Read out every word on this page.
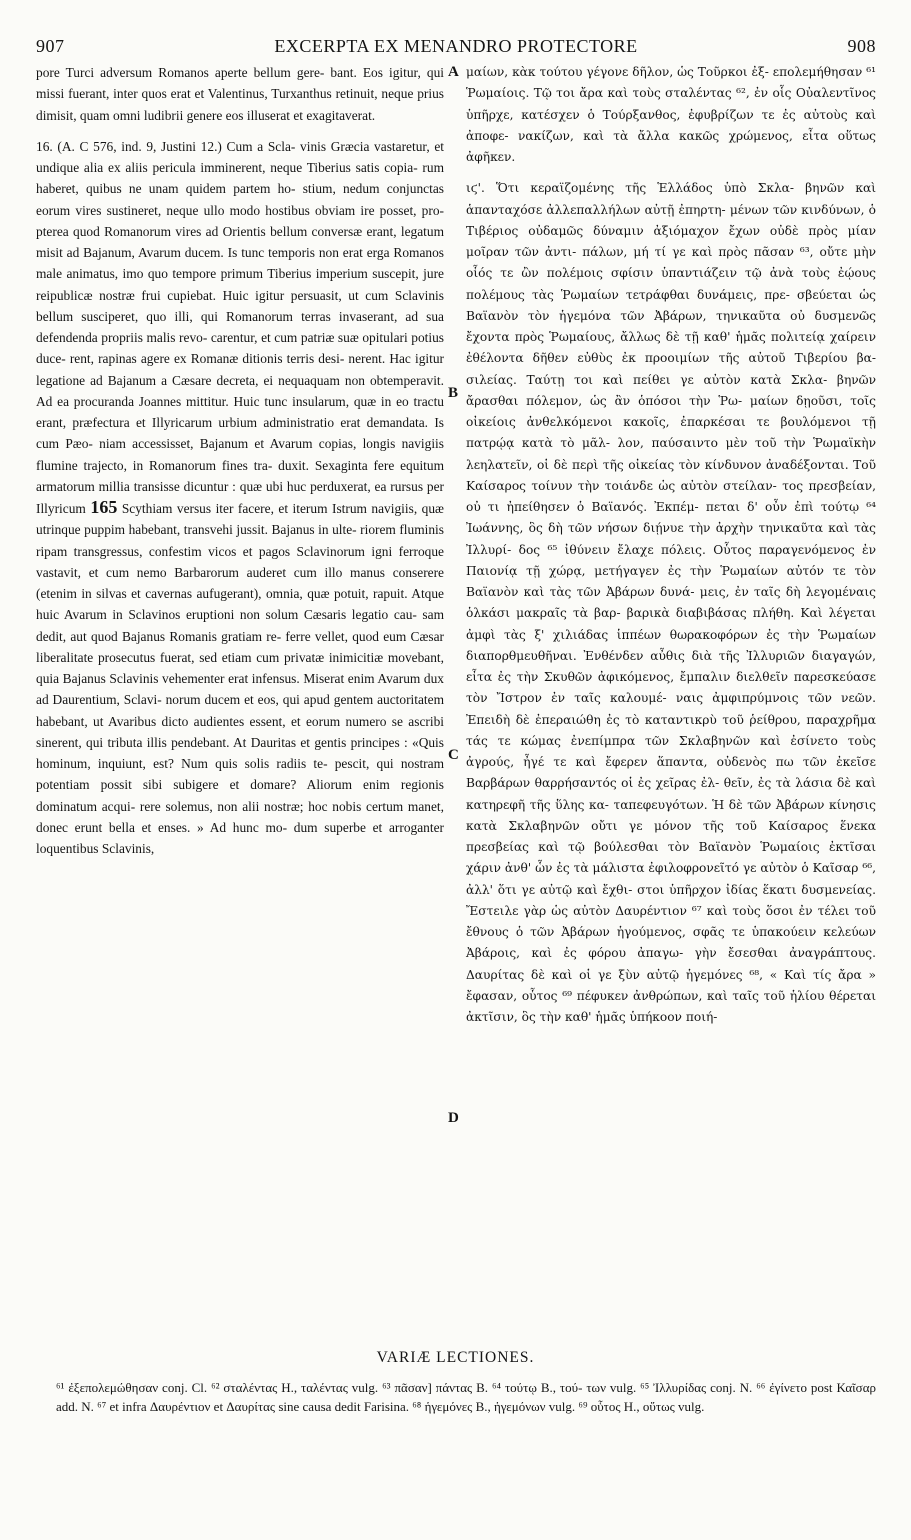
907	EXCERPTA EX MENANDRO PROTECTORE	908

pore Turci adversum Romanos aperte bellum gere- bant. Eos igitur, qui missi fuerant, inter quos erat et Valentinus, Turxanthus retinuit, neque prius dimisit, quam omni ludibrii genere eos illuserat et exagitaverat.

16. (A. C 576, ind. 9, Justini 12.) Cum a Scla- vinis Græcia vastaretur, et undique alia ex aliis pericula imminerent, neque Tiberius satis copia- rum haberet, quibus ne unam quidem partem ho- stium, nedum conjunctas eorum vires sustineret, neque ullo modo hostibus obviam ire posset, pro- pterea quod Romanorum vires ad Orientis bellum conversæ erant, legatum misit ad Bajanum, Avarum ducem. Is tunc temporis non erat erga Romanos male animatus, imo quo tempore primum Tiberius imperium suscepit, jure reipublicæ nostræ frui cupiebat. Huic igitur persuasit, ut cum Sclavinis bellum susciperet, quo illi, qui Romanorum terras invaserant, ad sua defendenda propriis malis revo- carentur, et cum patriæ suæ opitulari potius duce- rent, rapinas agere ex Romanæ ditionis terris desi- nerent. Hac igitur legatione ad Bajanum a Cæsare decreta, ei nequaquam non obtemperavit. Ad ea procuranda Joannes mittitur. Huic tunc insularum, quæ in eo tractu erant, præfectura et Illyricarum urbium administratio erat demandata. Is cum Pæo- niam accessisset, Bajanum et Avarum copias, longis navigiis flumine trajecto, in Romanorum fines tra- duxit. Sexaginta fere equitum armatorum millia transisse dicuntur : quæ ubi huc perduxerat, ea rursus per Illyricum 165 Scythiam versus iter facere, et iterum Istrum navigiis, quæ utrinque puppim habebant, transvehi jussit. Bajanus in ulte- riorem fluminis ripam transgressus, confestim vicos et pagos Sclavinorum igni ferroque vastavit, et cum nemo Barbarorum auderet cum illo manus conserere (etenim in silvas et cavernas aufugerant), omnia, quæ potuit, rapuit. Atque huic Avarum in Sclavinos eruptioni non solum Cæsaris legatio cau- sam dedit, aut quod Bajanus Romanis gratiam re- ferre vellet, quod eum Cæsar liberalitate prosecutus fuerat, sed etiam cum privatæ inimicitiæ movebant, quia Bajanus Sclavinis vehementer erat infensus. Miserat enim Avarum dux ad Daurentium, Sclavi- norum ducem et eos, qui apud gentem auctoritatem habebant, ut Avaribus dicto audientes essent, et eorum numero se ascribi sinerent, qui tributa illis pendebant. At Dauritas et gentis principes : «Quis hominum, inquiunt, est? Num quis solis radiis te- pescit, qui nostram potentiam possit sibi subigere et domare? Aliorum enim regionis dominatum acqui- rere solemus, non alii nostræ; hoc nobis certum manet, donec erunt bella et enses. » Ad hunc mo- dum superbe et arroganter loquentibus Sclavinis,

A
B
C
D

μαίων, κὰκ τούτου γέγονε δῆλον, ὡς Τοῦρκοι ἐξ- επολεμήθησαν ⁶¹ Ῥωμαίοις. Τῷ τοι ἄρα καὶ τοὺς σταλέντας ⁶², ἐν οἷς Οὐαλεντῖνος ὑπῆρχε, κατέσχεν ὁ Τούρξανθος, ἐφυβρίζων τε ἐς αὐτοὺς καὶ ἀποφε- νακίζων, καὶ τὰ ἄλλα κακῶς χρώμενος, εἶτα οὕτως ἀφῆκεν.

ιϛ'. Ὅτι κεραϊζομένης τῆς Ἑλλάδος ὑπὸ Σκλα- βηνῶν καὶ ἁπανταχόσε ἀλλεπαλλήλων αὐτῇ ἐπηρτη- μένων τῶν κινδύνων, ὁ Τιβέριος οὐδαμῶς δύναμιν ἀξιόμαχον ἔχων οὐδὲ πρὸς μίαν μοῖραν τῶν ἀντι- πάλων, μή τί γε καὶ πρὸς πᾶσαν ⁶³, οὔτε μὴν οἷός τε ὢν πολέμοις σφίσιν ὑπαντιάζειν τῷ ἀνὰ τοὺς ἐῴους πολέμους τὰς Ῥωμαίων τετράφθαι δυνάμεις, πρε- σβεύεται ὡς Βαϊανὸν τὸν ἡγεμόνα τῶν Ἀβάρων, τηνικαῦτα οὐ δυσμενῶς ἔχοντα πρὸς Ῥωμαίους, ἄλλως δὲ τῇ καθ' ἡμᾶς πολιτείᾳ χαίρειν ἐθέλοντα δῆθεν εὐθὺς ἐκ προοιμίων τῆς αὐτοῦ Τιβερίου βα- σιλείας. Ταύτῃ τοι καὶ πείθει γε αὐτὸν κατὰ Σκλα- βηνῶν ἄρασθαι πόλεμον, ὡς ἂν ὁπόσοι τὴν Ῥω- μαίων δῃοῦσι, τοῖς οἰκείοις ἀνθελκόμενοι κακοῖς, ἐπαρκέσαι τε βουλόμενοι τῇ πατρῴᾳ κατὰ τὸ μᾶλ- λον, παύσαιντο μὲν τοῦ τὴν Ῥωμαϊκὴν λεηλατεῖν, οἱ δὲ περὶ τῆς οἰκείας τὸν κίνδυνον ἀναδέξονται. Τοῦ Καίσαρος τοίνυν τὴν τοιάνδε ὡς αὐτὸν στείλαν- τος πρεσβείαν, οὐ τι ἠπείθησεν ὁ Βαϊανός. Ἐκπέμ- πεται δ' οὖν ἐπὶ τούτῳ ⁶⁴ Ἰωάννης, ὃς δὴ τῶν νήσων διῄνυε τὴν ἀρχὴν τηνικαῦτα καὶ τὰς Ἰλλυρί- δος ⁶⁵ ἰθύνειν ἔλαχε πόλεις. Οὗτος παραγενόμενος ἐν Παιονίᾳ τῇ χώρᾳ, μετήγαγεν ἐς τὴν Ῥωμαίων αὐτόν τε τὸν Βαϊανὸν καὶ τὰς τῶν Ἀβάρων δυνά- μεις, ἐν ταῖς δὴ λεγομέναις ὁλκάσι μακραῖς τὰ βαρ- βαρικὰ διαβιβάσας πλήθη. Καὶ λέγεται ἀμφὶ τὰς ξ' χιλιάδας ἱππέων θωρακοφόρων ἐς τὴν Ῥωμαίων διαπορθμευθῆναι. Ἐνθένδεν αὖθις διὰ τῆς Ἰλλυριῶν διαγαγών, εἶτα ἐς τὴν Σκυθῶν ἀφικόμενος, ἔμπαλιν διελθεῖν παρεσκεύασε τὸν Ἴστρον ἐν ταῖς καλουμέ- ναις ἀμφιπρύμνοις τῶν νεῶν. Ἐπειδὴ δὲ ἐπεραιώθη ἐς τὸ καταντικρὺ τοῦ ῥείθρου, παραχρῆμα τάς τε κώμας ἐνεπίμπρα τῶν Σκλαβηνῶν καὶ ἐσίνετο τοὺς ἀγρούς, ἦγέ τε καὶ ἔφερεν ἅπαντα, οὐδενὸς πω τῶν ἐκεῖσε Βαρβάρων θαρρήσαντός οἱ ἐς χεῖρας ἐλ- θεῖν, ἐς τὰ λάσια δὲ καὶ κατηρεφῆ τῆς ὕλης κα- ταπεφευγότων. Ἡ δὲ τῶν Ἀβάρων κίνησις κατὰ Σκλαβηνῶν οὔτι γε μόνον τῆς τοῦ Καίσαρος ἕνεκα πρεσβείας καὶ τῷ βούλεσθαι τὸν Βαϊανὸν Ῥωμαίοις ἐκτῖσαι χάριν ἀνθ' ὧν ἐς τὰ μάλιστα ἐφιλοφρονεῖτό γε αὐτὸν ὁ Καῖσαρ ⁶⁶, ἀλλ' ὅτι γε αὐτῷ καὶ ἔχθι- στοι ὑπῆρχον ἰδίας ἕκατι δυσμενείας. Ἔστειλε γὰρ ὡς αὐτὸν Δαυρέντιον ⁶⁷ καὶ τοὺς ὅσοι ἐν τέλει τοῦ ἔθνους ὁ τῶν Ἀβάρων ἡγούμενος, σφᾶς τε ὑπακούειν κελεύων Ἀβάροις, καὶ ἐς φόρου ἀπαγω- γὴν ἔσεσθαι ἀναγράπτους. Δαυρίτας δὲ καὶ οἱ γε ξὺν αὐτῷ ἡγεμόνες ⁶⁸, « Καὶ τίς ἄρα » ἔφασαν, οὗτος ⁶⁹ πέφυκεν ἀνθρώπων, καὶ ταῖς τοῦ ἡλίου θέρεται ἀκτῖσιν, ὃς τὴν καθ' ἡμᾶς ὑπήκοον ποιή-

VARIÆ LECTIONES.
⁶¹ ἐξεπολεμώθησαν conj. Cl. ⁶² σταλέντας H., ταλέντας vulg. ⁶³ πᾶσαν] πάντας B. ⁶⁴ τούτῳ B., τού- των vulg. ⁶⁵ Ἰλλυρίδας conj. N. ⁶⁶ ἐγίνετο post Καῖσαρ add. N. ⁶⁷ et infra Δαυρέντιον et Δαυρίτας sine causa dedit Farisina. ⁶⁸ ἡγεμόνες B., ἡγεμόνων vulg. ⁶⁹ οὗτος H., οὕτως vulg.
